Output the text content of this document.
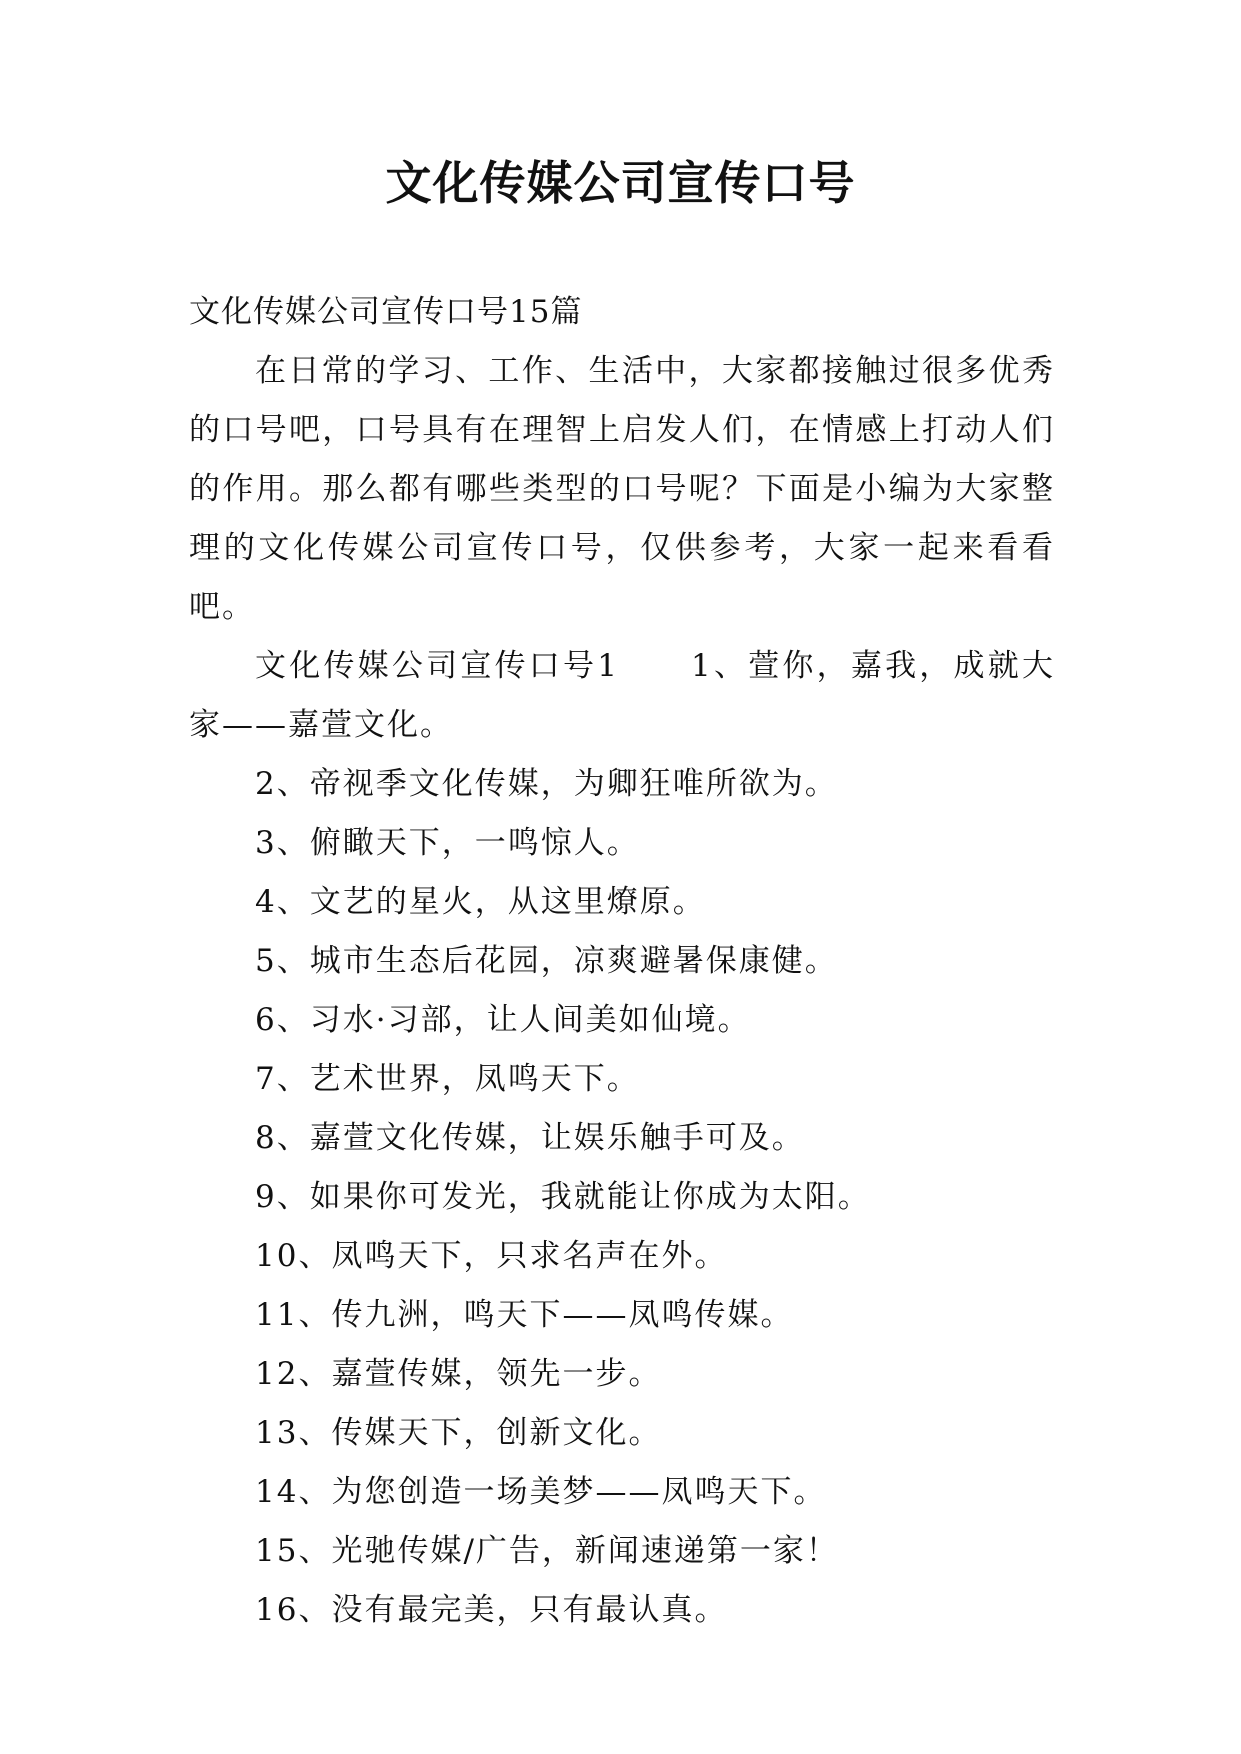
文化传媒公司宣传口号

文化传媒公司宣传口号15篇

在日常的学习、工作、生活中，大家都接触过很多优秀的口号吧，口号具有在理智上启发人们，在情感上打动人们的作用。那么都有哪些类型的口号呢？下面是小编为大家整理的文化传媒公司宣传口号，仅供参考，大家一起来看看吧。

文化传媒公司宣传口号1 1、萱你，嘉我，成就大家——嘉萱文化。

2、帝视季文化传媒，为卿狂唯所欲为。

3、俯瞰天下，一鸣惊人。

4、文艺的星火，从这里燎原。

5、城市生态后花园，凉爽避暑保康健。

6、习水·习部，让人间美如仙境。

7、艺术世界，凤鸣天下。

8、嘉萱文化传媒，让娱乐触手可及。

9、如果你可发光，我就能让你成为太阳。

10、凤鸣天下，只求名声在外。

11、传九洲，鸣天下——凤鸣传媒。

12、嘉萱传媒，领先一步。

13、传媒天下，创新文化。

14、为您创造一场美梦——凤鸣天下。

15、光驰传媒/广告，新闻速递第一家！

16、没有最完美，只有最认真。
